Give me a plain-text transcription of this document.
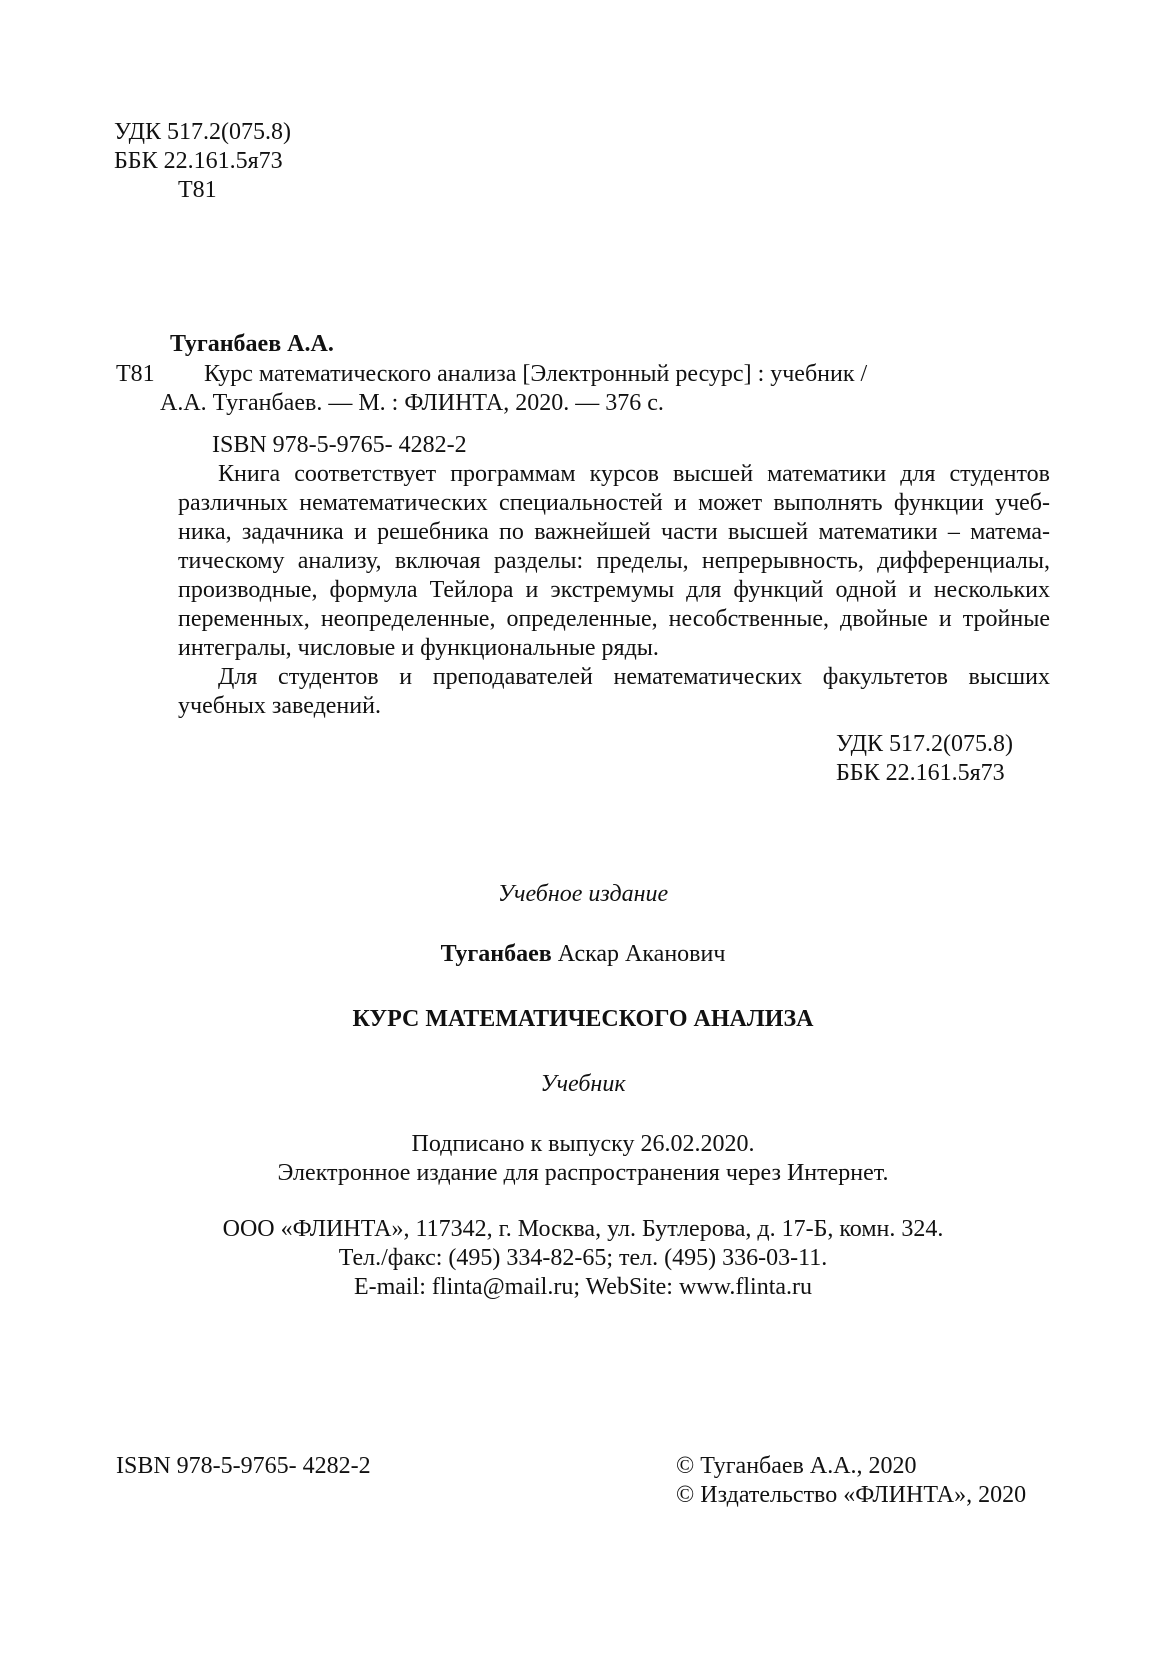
УДК 517.2(075.8)
ББК 22.161.5я73
Т81
Туганбаев А.А.
Т81 Курс математического анализа [Электронный ресурс] : учебник /
А.А. Туганбаев. — М. : ФЛИНТА, 2020. — 376 с.
ISBN 978-5-9765- 4282-2
Книга соответствует программам курсов высшей математики для студентов
различных нематематических специальностей и может выполнять функции учеб-
ника, задачника и решебника по важнейшей части высшей математики – матема-
тическому анализу, включая разделы: пределы, непрерывность, дифференциалы,
производные, формула Тейлора и экстремумы для функций одной и нескольких
переменных, неопределенные, определенные, несобственные, двойные и тройные
интегралы, числовые и функциональные ряды.
Для студентов и преподавателей нематематических факультетов высших
учебных заведений.
УДК 517.2(075.8)
ББК 22.161.5я73
Учебное издание
Туганбаев Аскар Аканович
КУРС МАТЕМАТИЧЕСКОГО АНАЛИЗА
Учебник
Подписано к выпуску 26.02.2020.
Электронное издание для распространения через Интернет.
ООО «ФЛИНТА», 117342, г. Москва, ул. Бутлерова, д. 17-Б, комн. 324.
Тел./факс: (495) 334-82-65; тел. (495) 336-03-11.
E-mail: flinta@mail.ru; WebSite: www.flinta.ru
ISBN 978-5-9765- 4282-2	© Туганбаев А.А., 2020
© Издательство «ФЛИНТА», 2020
